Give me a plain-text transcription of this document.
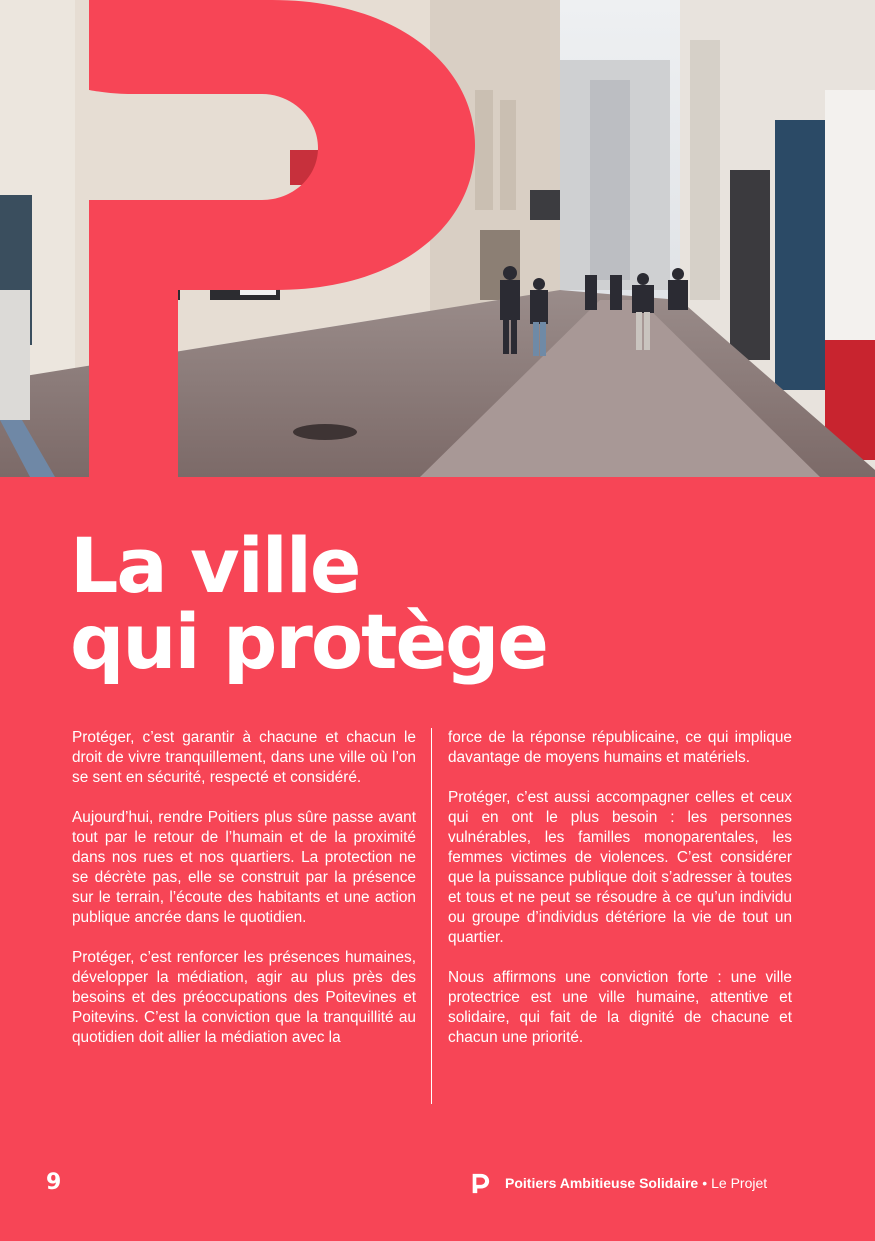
La ville
qui protège

Protéger, c’est garantir à chacune et chacun le droit de vivre tranquillement, dans une ville où l’on se sent en sécurité, respecté et considéré.

Aujourd’hui, rendre Poitiers plus sûre passe avant tout par le retour de l’humain et de la proximité dans nos rues et nos quartiers. La protection ne se décrète pas, elle se construit par la présence sur le terrain, l’écoute des habitants et une action publique ancrée dans le quotidien.

Protéger, c’est renforcer les présences humaines, développer la médiation, agir au plus près des besoins et des préoccupations des Poitevines et Poitevins. C’est la conviction que la tranquillité au quotidien doit allier la médiation avec la

force de la réponse républicaine, ce qui implique davantage de moyens humains et matériels.

Protéger, c’est aussi accompagner celles et ceux qui en ont le plus besoin : les personnes vulnérables, les familles monoparentales, les femmes victimes de violences. C’est considérer que la puissance publique doit s’adresser à toutes et tous et ne peut se résoudre à ce qu’un individu ou groupe d’individus détériore la vie de tout un quartier.

Nous affirmons une conviction forte : une ville protectrice est une ville humaine, attentive et solidaire, qui fait de la dignité de chacune et chacun une priorité.

9	Poitiers Ambitieuse Solidaire • Le Projet
